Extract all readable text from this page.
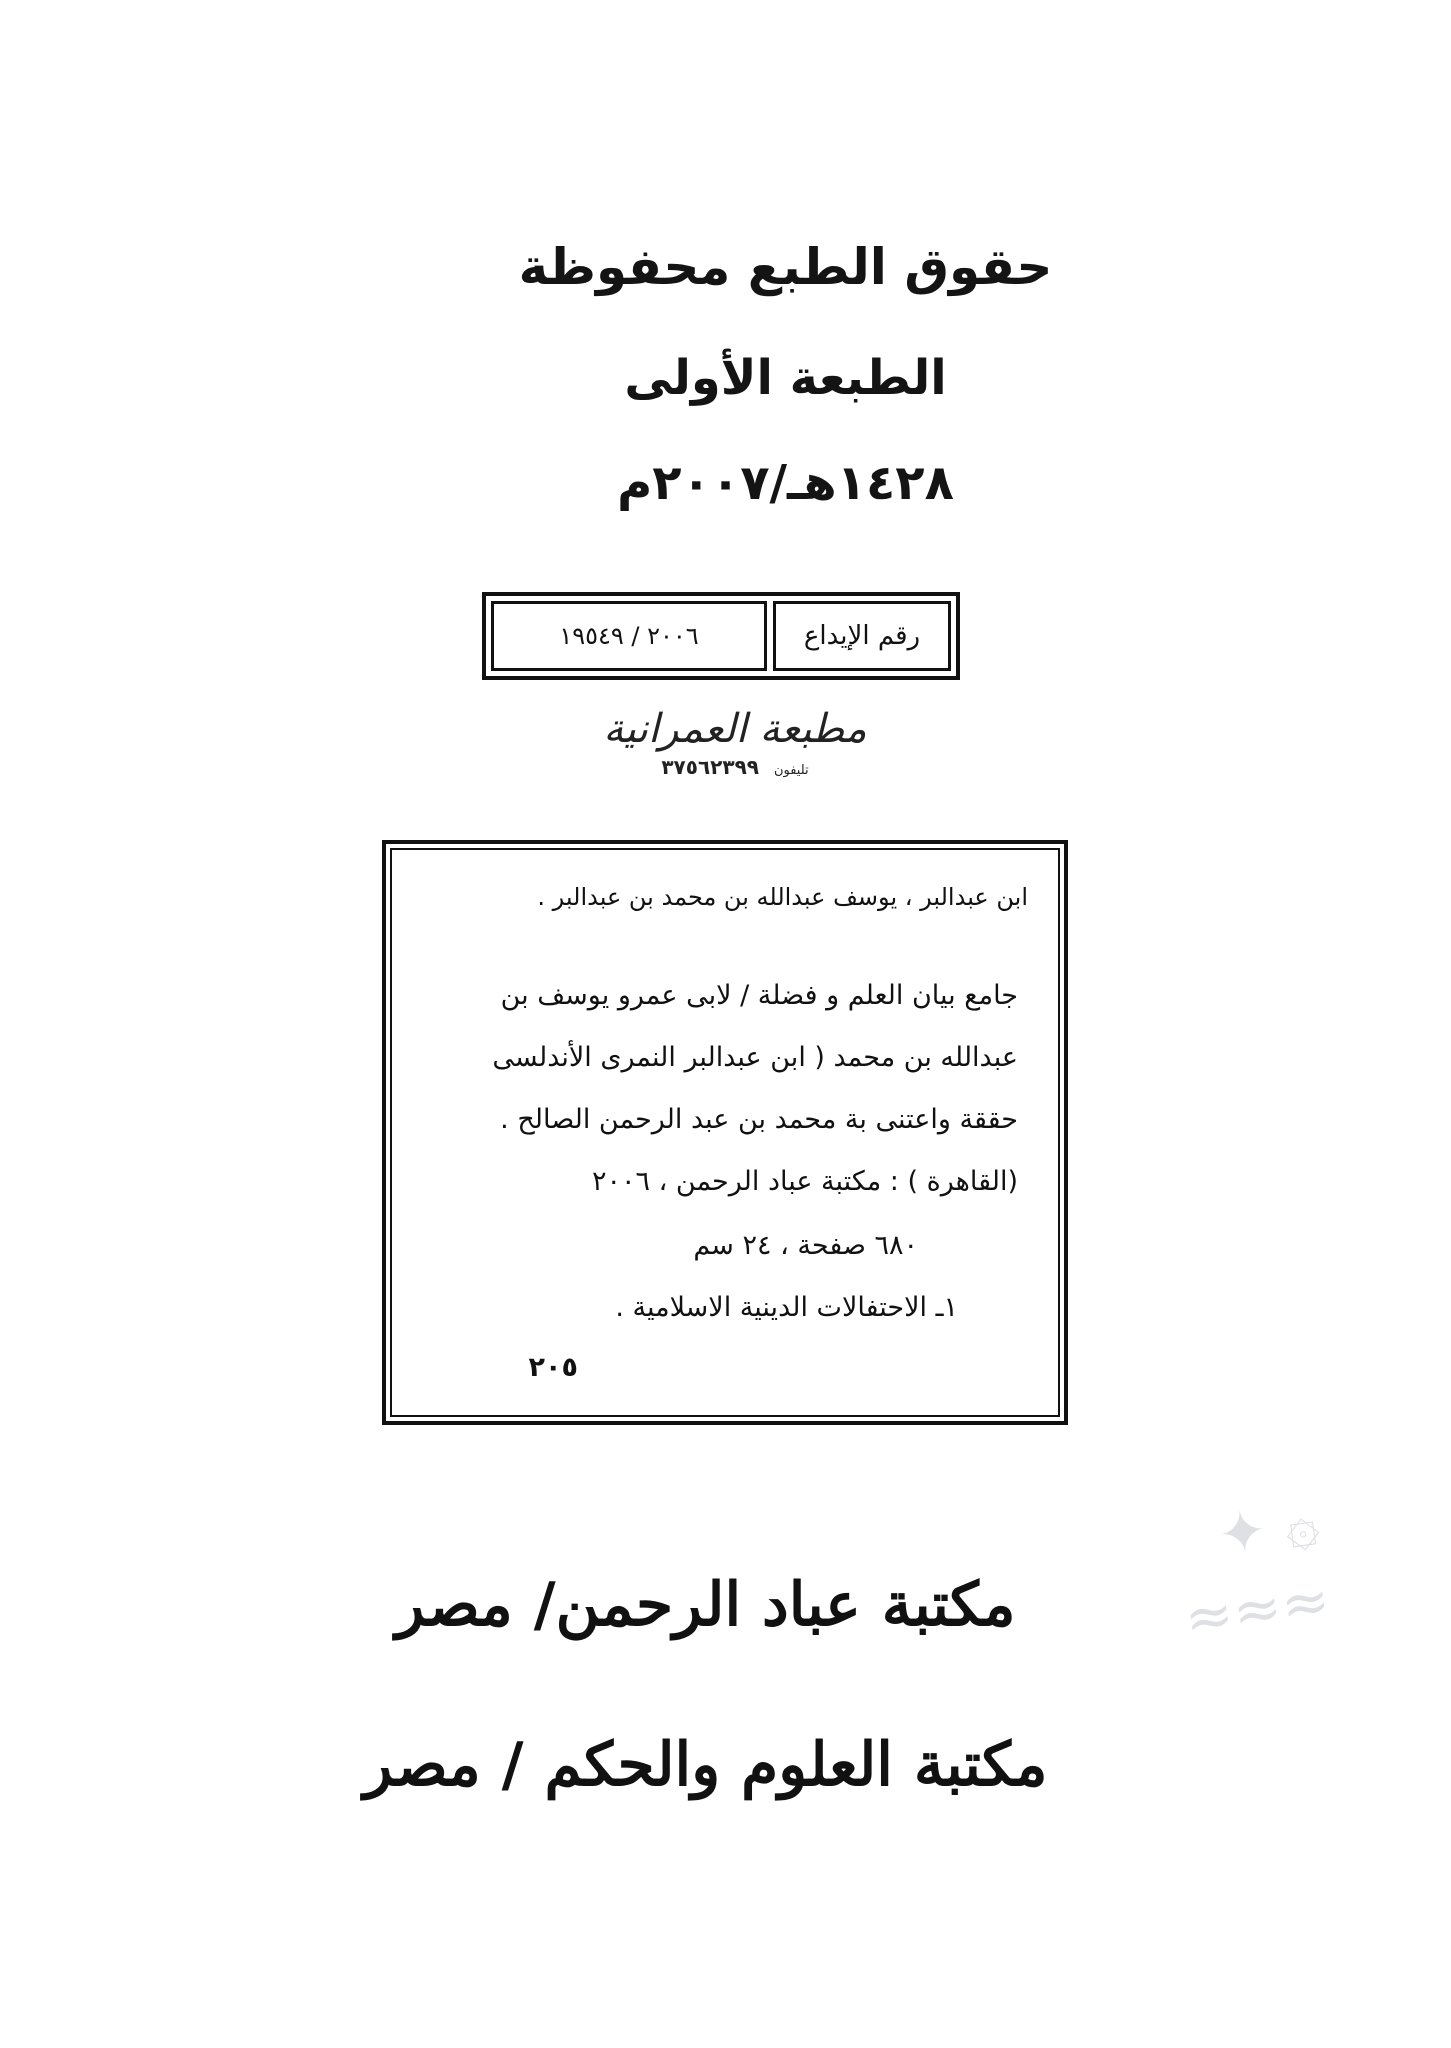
حقوق الطبع محفوظة
الطبعة الأولى
١٤٢٨هـ/٢٠٠٧م
٢٠٠٦ / ١٩٥٤٩	رقم الإيداع
مطبعة العمرانية
تليفون ٣٧٥٦٢٣٩٩
ابن عبدالبر ، يوسف عبدالله بن محمد بن عبدالبر .
جامع بيان العلم و فضلة / لابى عمرو يوسف بن
عبدالله بن محمد ( ابن عبدالبر النمرى الأندلسى
حققة واعتنى بة محمد بن عبد الرحمن الصالح .
(القاهرة ) : مكتبة عباد الرحمن ، ٢٠٠٦
٦٨٠ صفحة ، ٢٤ سم
١ـ الاحتفالات الدينية الاسلامية .
٢٠٥
۞ ✦
≈≈≈
مكتبة عباد الرحمن/ مصر
مكتبة العلوم والحكم / مصر
